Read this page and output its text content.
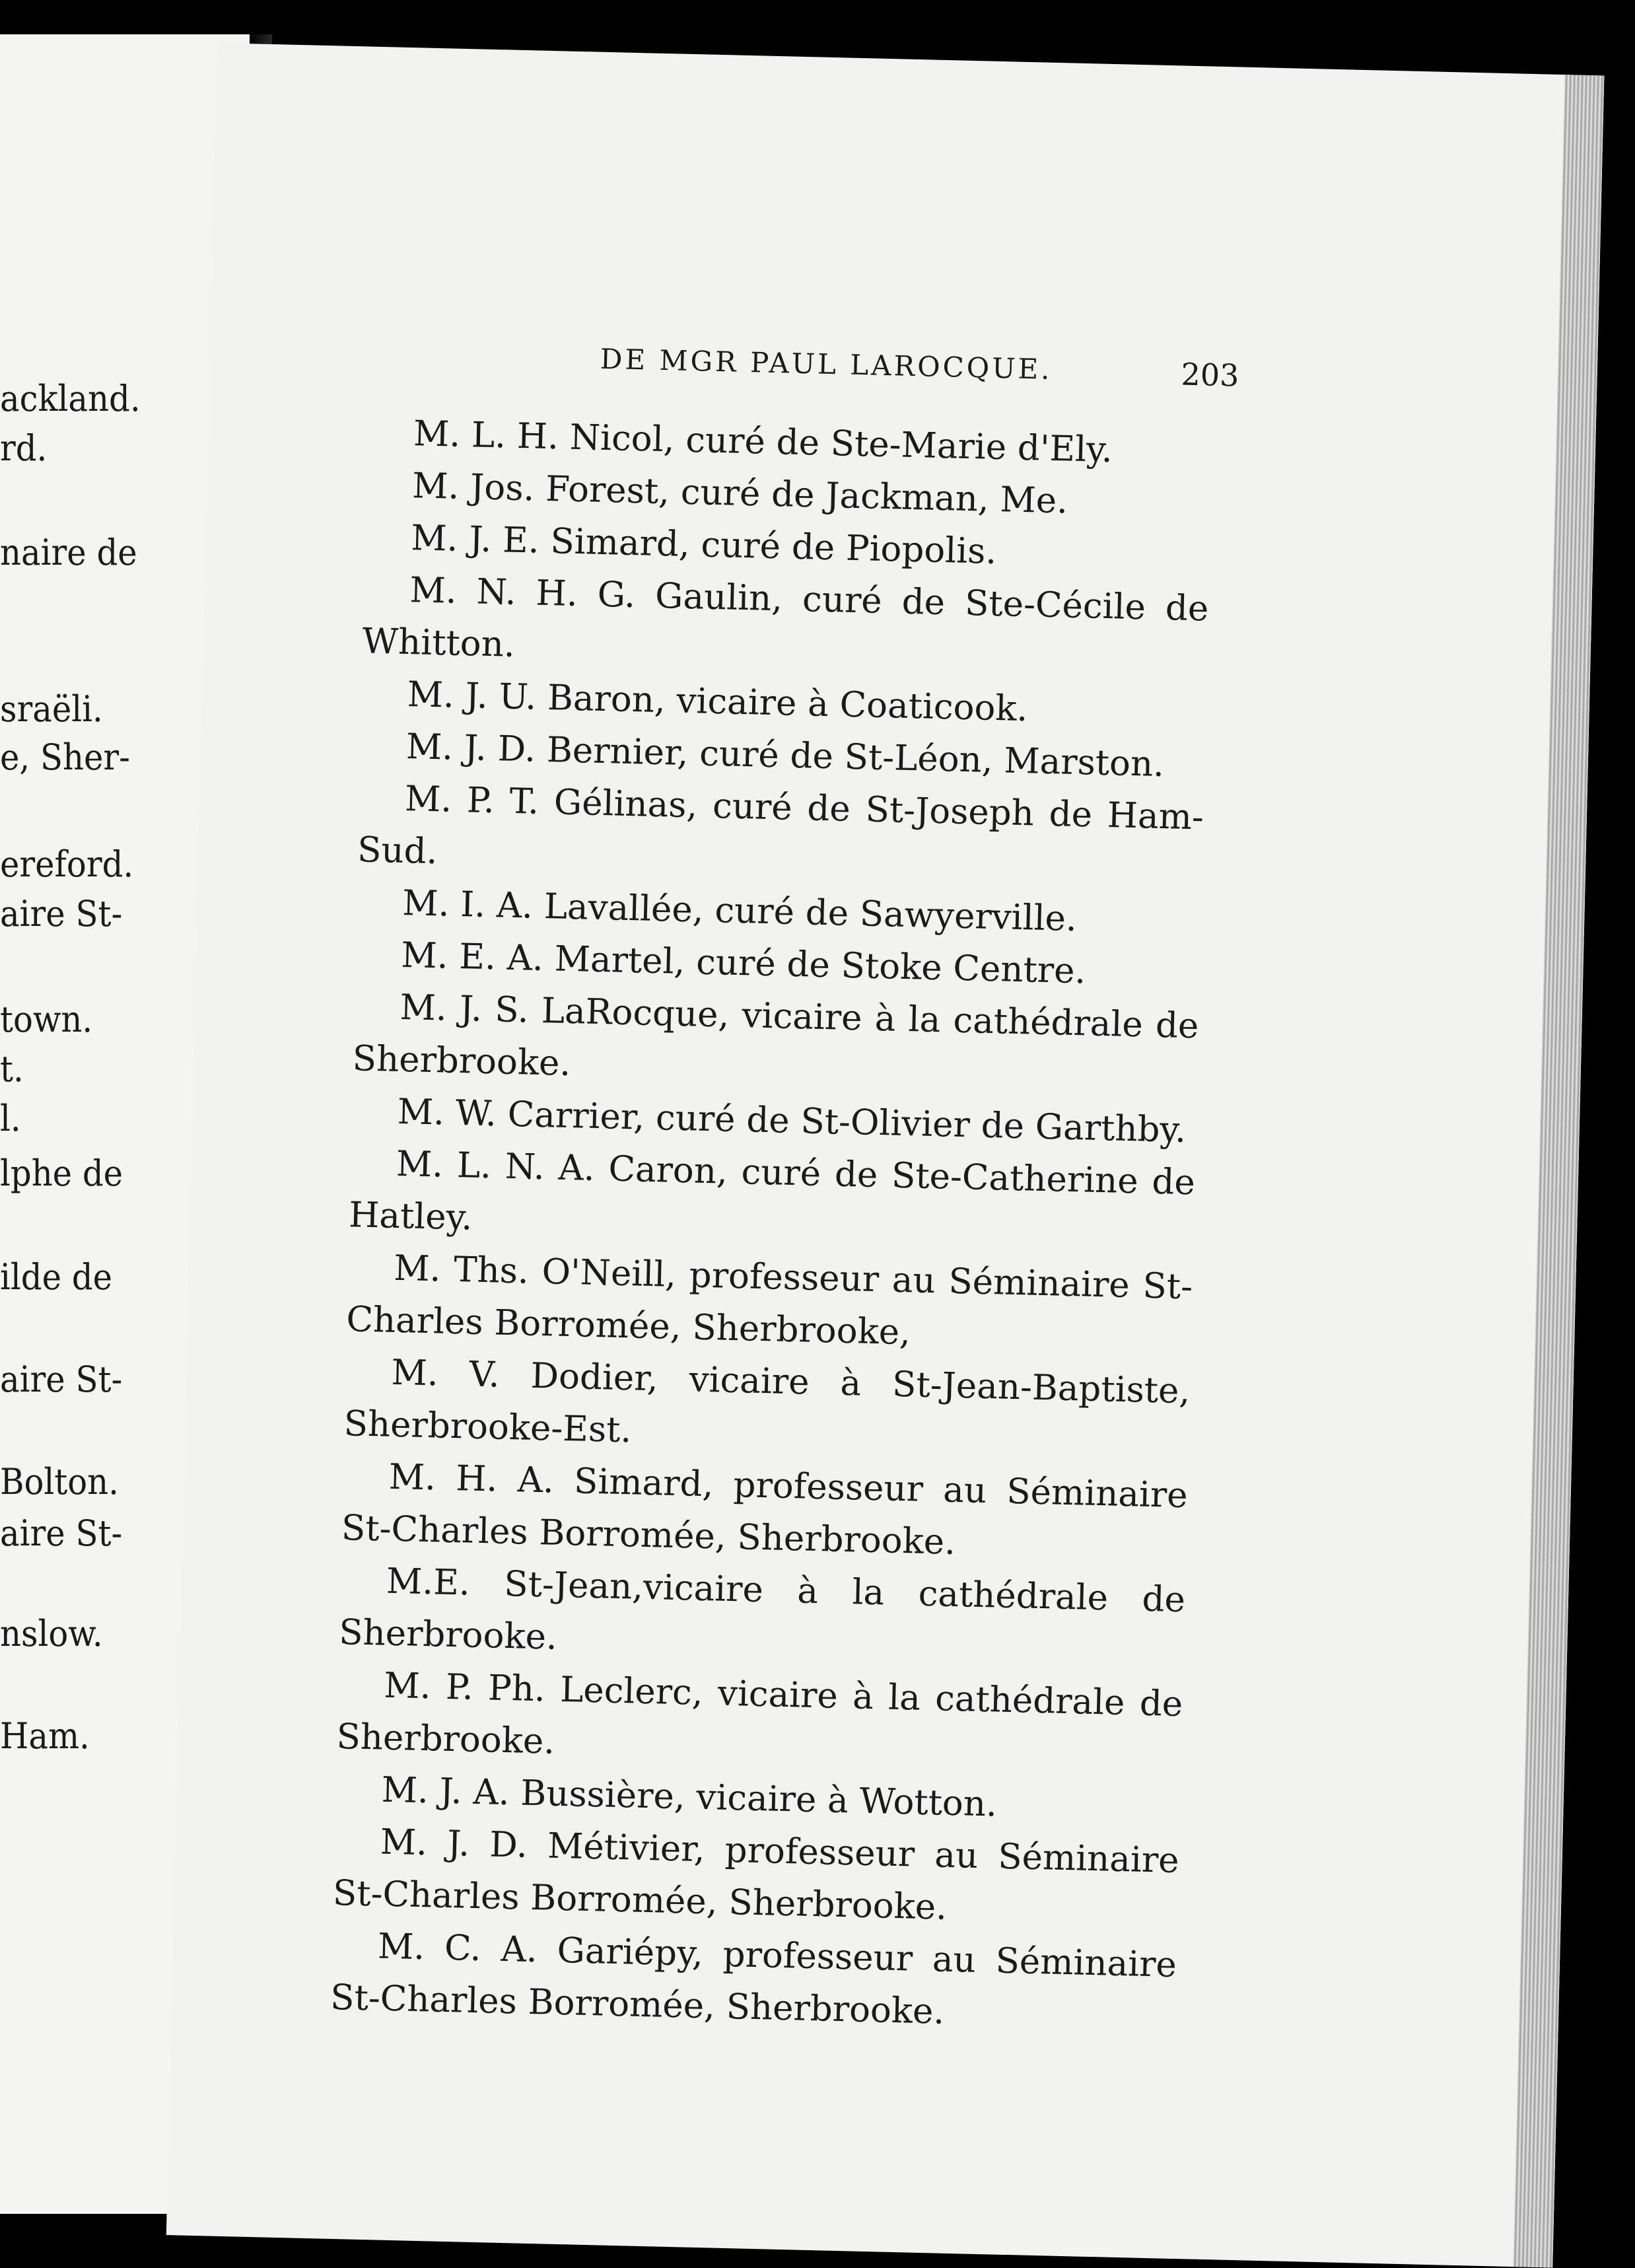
ackland.
rd.
naire de
sraëli.
e, Sher-
ereford.
aire St-
town.
t.
l.
lphe de
ilde de
aire St-
Bolton.
aire St-
nslow.
Ham.
DE MGR PAUL LAROCQUE.	203

M. L. H. Nicol, curé de Ste-Marie d'Ely.

M. Jos. Forest, curé de Jackman, Me.

M. J. E. Simard, curé de Piopolis.

M. N. H. G. Gaulin, curé de Ste-Cécile de Whitton.

M. J. U. Baron, vicaire à Coaticook.

M. J. D. Bernier, curé de St-Léon, Marston.

M. P. T. Gélinas, curé de St-Joseph de Ham-Sud.

M. I. A. Lavallée, curé de Sawyerville.

M. E. A. Martel, curé de Stoke Centre.

M. J. S. LaRocque, vicaire à la cathédrale de Sherbrooke.

M. W. Carrier, curé de St-Olivier de Garthby.

M. L. N. A. Caron, curé de Ste-Catherine de Hatley.

M. Ths. O'Neill, professeur au Séminaire St-Charles Borromée, Sherbrooke,

M. V. Dodier, vicaire à St-Jean-Baptiste, Sherbrooke-Est.

M. H. A. Simard, professeur au Séminaire St-Charles Borromée, Sherbrooke.

M.E. St-Jean,vicaire à la cathédrale de Sherbrooke.

M. P. Ph. Leclerc, vicaire à la cathédrale de Sherbrooke.

M. J. A. Bussière, vicaire à Wotton.

M. J. D. Métivier, professeur au Séminaire St-Charles Borromée, Sherbrooke.

M. C. A. Gariépy, professeur au Séminaire St-Charles Borromée, Sherbrooke.
